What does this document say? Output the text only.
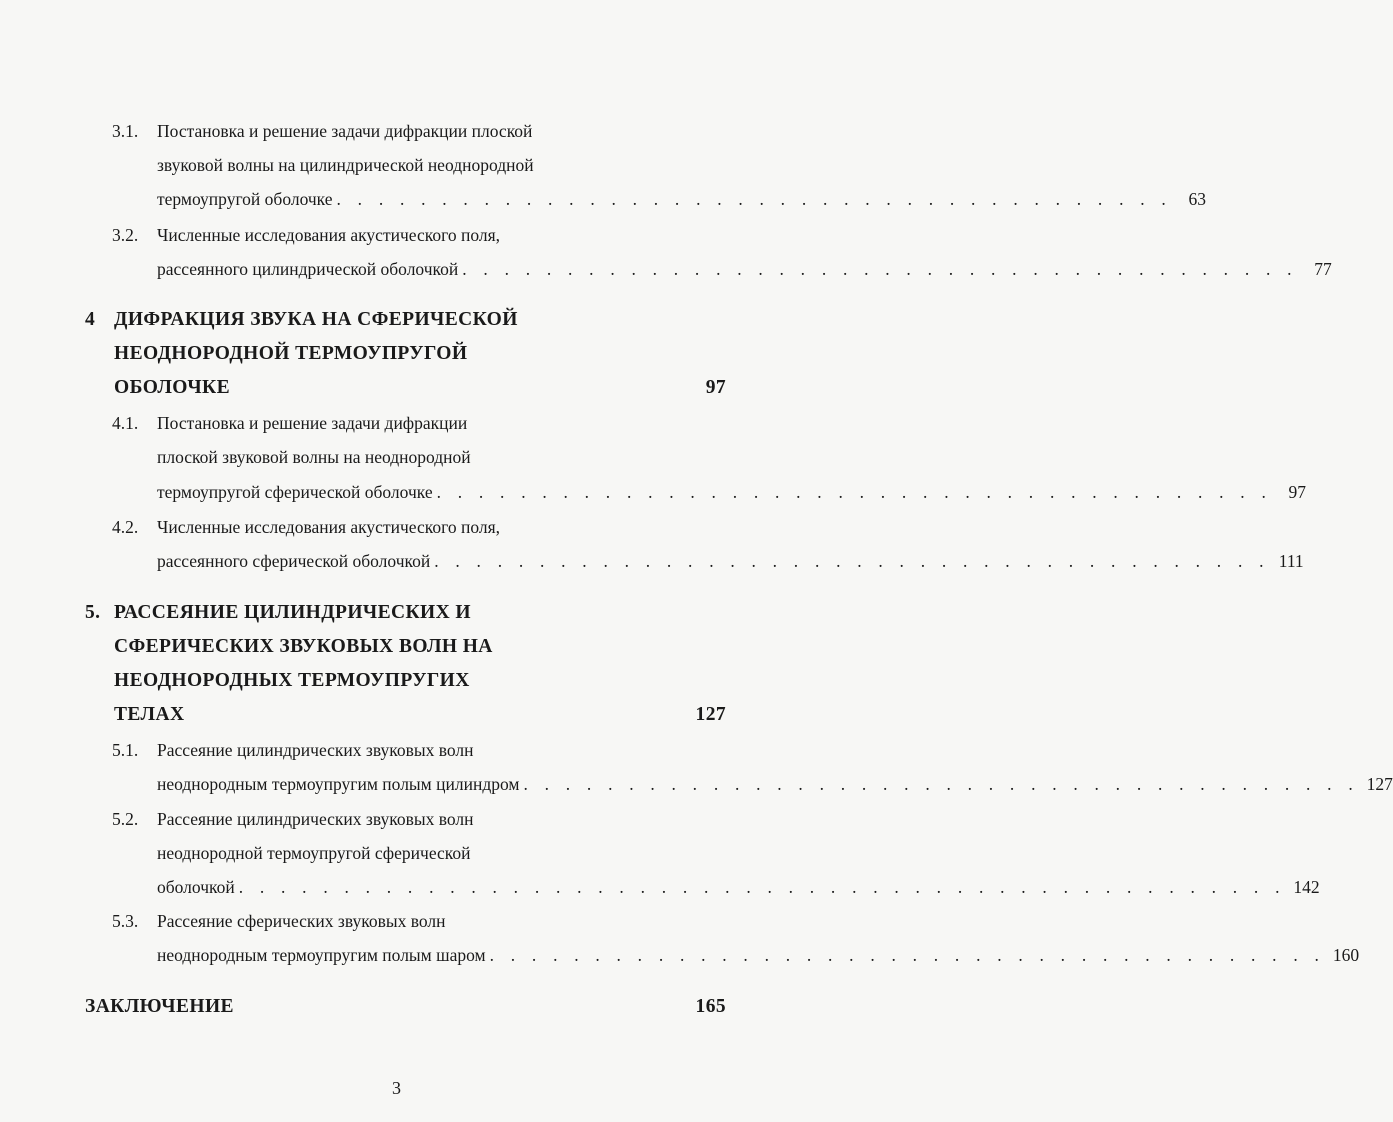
3.1. Постановка и решение задачи дифракции плоской
звуковой волны на цилиндрической неоднородной
термоупругой оболочке . . . . . . . . . . . . . . . . . . . . . . . . . . . . . . . . . . . . . . . . 63
3.2. Численные исследования акустического поля,
рассеянного цилиндрической оболочкой . . . . . . . . . . . . . . . . . . . . . . . . . . . . . . . . . . . . . . . . 77
4 ДИФРАКЦИЯ ЗВУКА НА СФЕРИЧЕСКОЙ
НЕОДНОРОДНОЙ ТЕРМОУПРУГОЙ
ОБОЛОЧКЕ	97
4.1. Постановка и решение задачи дифракции
плоской звуковой волны на неоднородной
термоупругой сферической оболочке . . . . . . . . . . . . . . . . . . . . . . . . . . . . . . . . . . . . . . . . 97
4.2. Численные исследования акустического поля,
рассеянного сферической оболочкой . . . . . . . . . . . . . . . . . . . . . . . . . . . . . . . . . . . . . . . . 111
5. РАССЕЯНИЕ ЦИЛИНДРИЧЕСКИХ И
СФЕРИЧЕСКИХ ЗВУКОВЫХ ВОЛН НА
НЕОДНОРОДНЫХ ТЕРМОУПРУГИХ
ТЕЛАХ	127
5.1. Рассеяние цилиндрических звуковых волн
неоднородным термоупругим полым цилиндром . . . . . . . . . . . . . . . . . . . . . . . . . . . . . . . . . . . . . . . . 127
5.2. Рассеяние цилиндрических звуковых волн
неоднородной термоупругой сферической
оболочкой . . . . . . . . . . . . . . . . . . . . . . . . . . . . . . . . . . . . . . . . . . . . . . . . . . 142
5.3. Рассеяние сферических звуковых волн
неоднородным термоупругим полым шаром . . . . . . . . . . . . . . . . . . . . . . . . . . . . . . . . . . . . . . . . 160
ЗАКЛЮЧЕНИЕ	165
3
